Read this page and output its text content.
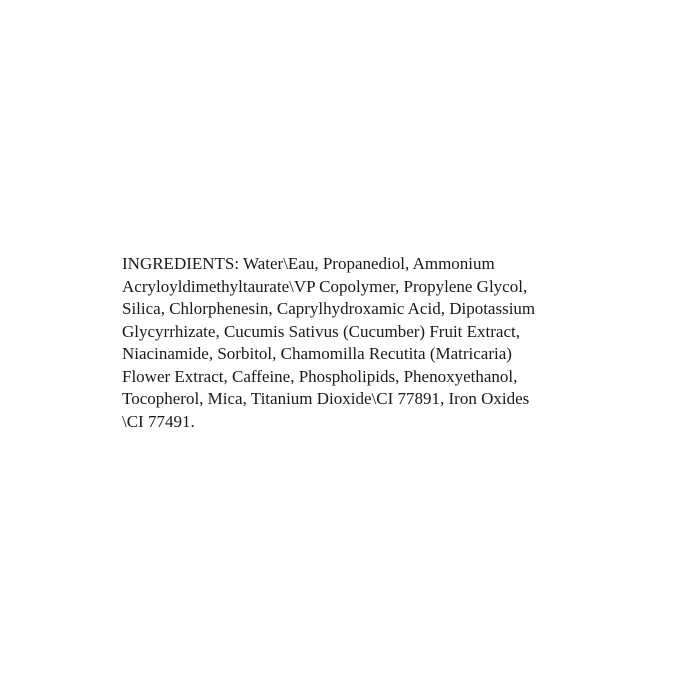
INGREDIENTS: Water\Eau, Propanediol, Ammonium
Acryloyldimethyltaurate\VP Copolymer, Propylene Glycol,
Silica, Chlorphenesin, Caprylhydroxamic Acid, Dipotassium
Glycyrrhizate, Cucumis Sativus (Cucumber) Fruit Extract,
Niacinamide, Sorbitol, Chamomilla Recutita (Matricaria)
Flower Extract, Caffeine, Phospholipids, Phenoxyethanol,
Tocopherol, Mica, Titanium Dioxide\CI 77891, Iron Oxides
\CI 77491.
